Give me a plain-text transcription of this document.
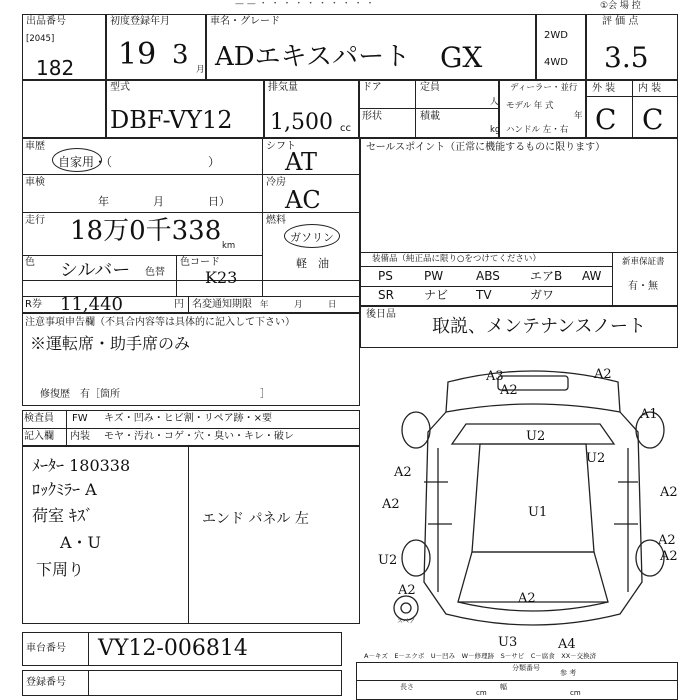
— — ・ ・ ・ ・ ・ ・ ・ ・ ・ ・
出品番号
[2045]
182
初度登録年月
19 3 月
車名・グレード
ADエキスパート GX
2WD
4WD
評 価 点
3.5
①会 場 控
型式
DBF-VY12
排気量
1,500 cc
ドア	定員
人
形状	積載
kg
ディーラー・並行
モデル 年 式
年
ハンドル 左・右
外 装 内 装
C C
車歴
自家用・（　　　　　　　　）
シフト
AT
車検
年　　　　月　　　　日）
冷房
AC
走行 18万0千338 km
燃料
ガソリン
軽　油
色 シルバー 色替
色コード
K23
R券 11,440	円 名変通知期限 年　　　月　　　日
セールスポイント（正常に機能するものに限ります）
装備品（純正品に限り○をつけてください）	新車保証書
有・無
PS	PW	ABS	エアB AW
SR	ナビ TV	ガワ
後日品
取説、メンテナンスノート
注意事項申告欄（不具合内容等は具体的に記入して下さい）
※運転席・助手席のみ
修復歴　有［箇所　　　　　　　　　　　　　　］
検査員
記入欄
FW キズ・凹み・ヒビ割・リペア跡・×要
内装 モヤ・汚れ・コゲ・穴・臭い・キレ・破レ
ﾒｰﾀｰ 180338
ﾛｯｸﾐﾗｰ A
荷室 ｷｽﾞ
A・U
下周り
エンド パネル 左
A3	A2
A1
A2
U2
U2
A2
U1
A2
A2
A2
A2
U2
A2
A2
U3	A4
スペア
A－キズ　E－エクボ　U－凹み　W－修理跡　S－サビ　C－腐食　XX－交換済
車台番号 VY12-006814
登録番号
分類番号
参 考
長さ
cm
幅
cm
